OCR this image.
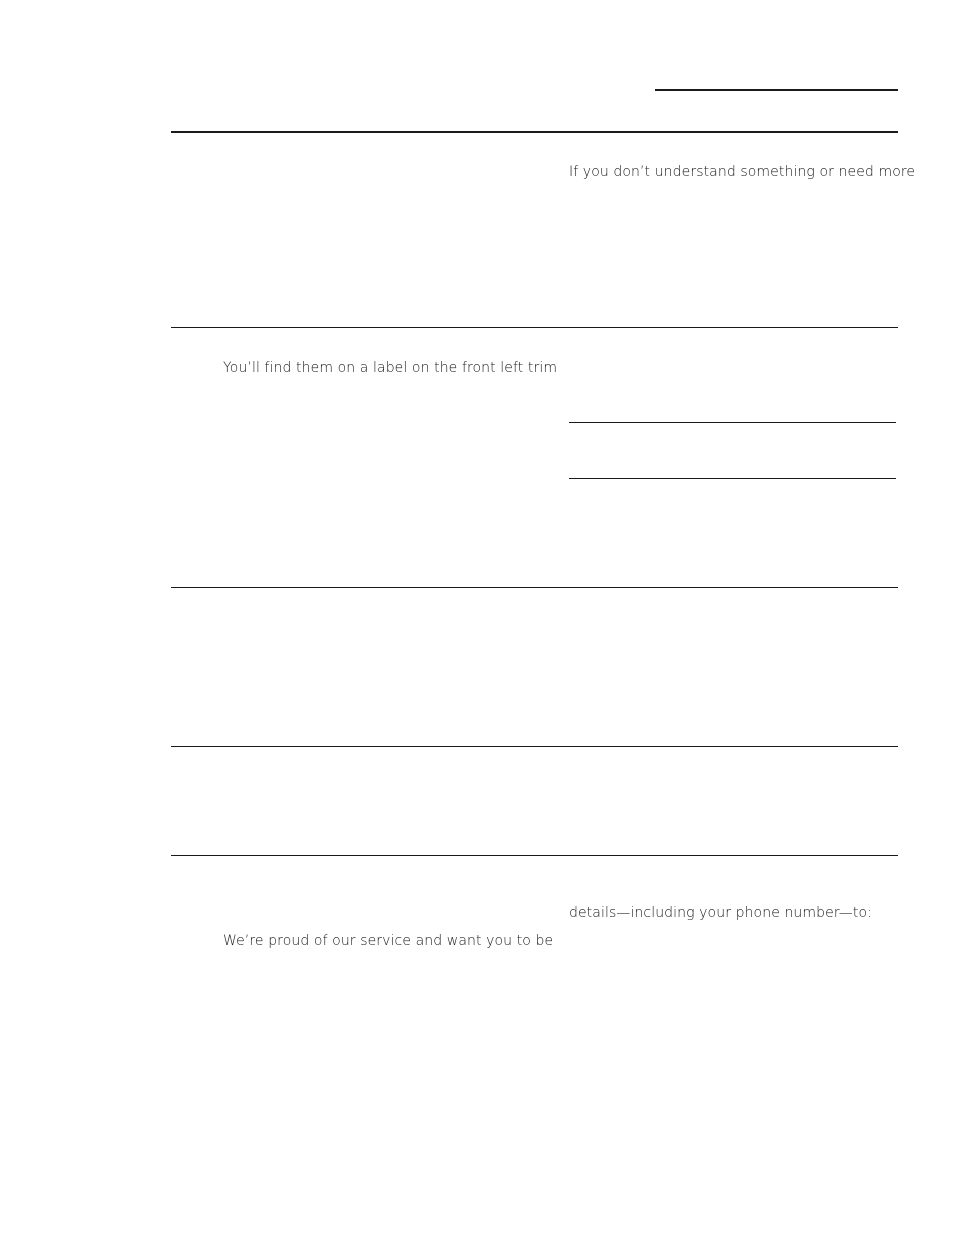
If you don’t understand something or need more
You’ll find them on a label on the front left trim
details—including your phone number—to:
We’re proud of our service and want you to be
